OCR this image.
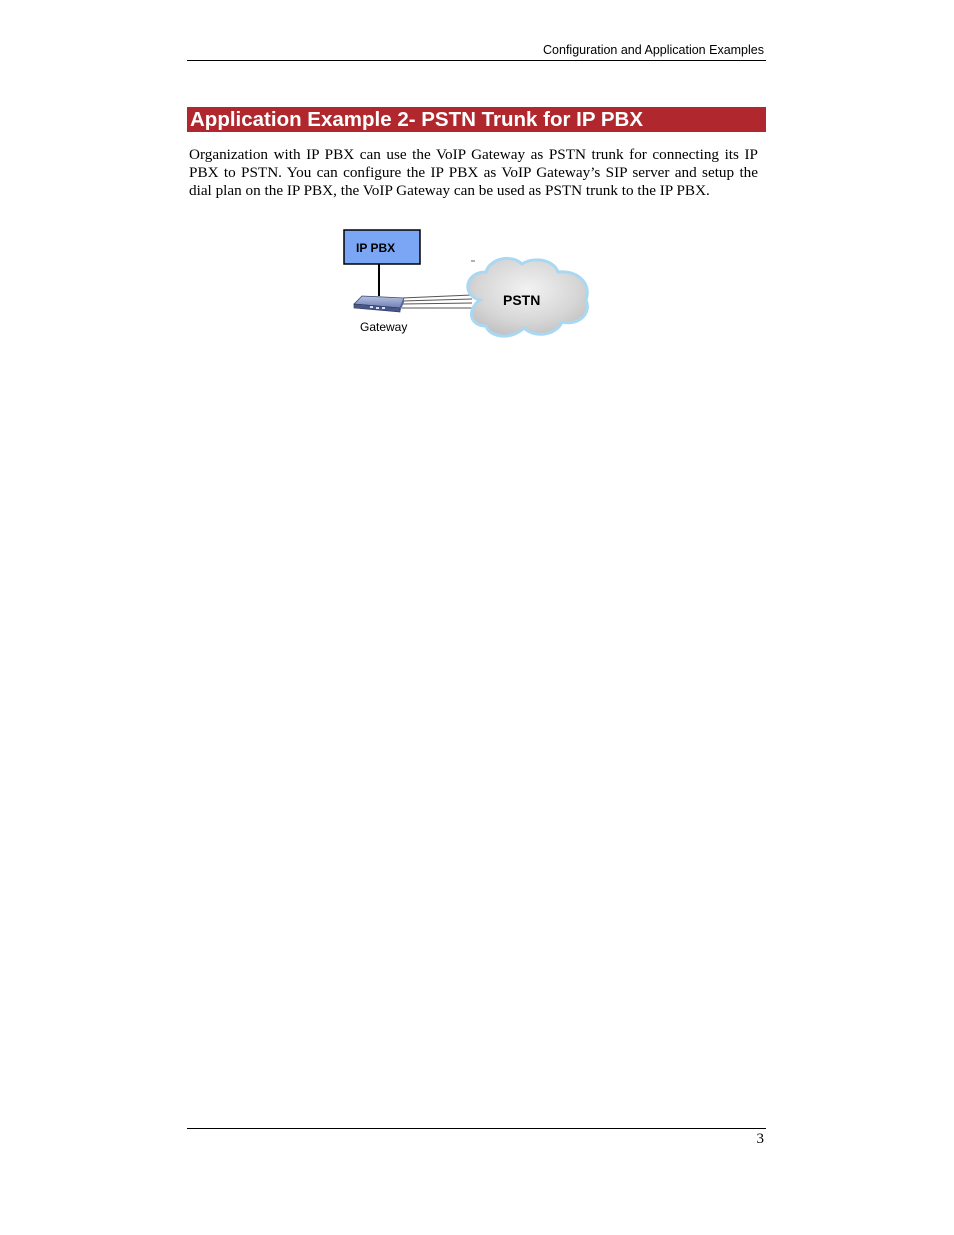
Configuration and Application Examples
Application Example 2- PSTN Trunk for IP PBX

Organization with IP PBX can use the VoIP Gateway as PSTN trunk for connecting its IP PBX to PSTN. You can configure the IP PBX as VoIP Gateway’s SIP server and setup the dial plan on the IP PBX, the VoIP Gateway can be used as PSTN trunk to the IP PBX.

PSTN
IP PBX
Gateway
3
